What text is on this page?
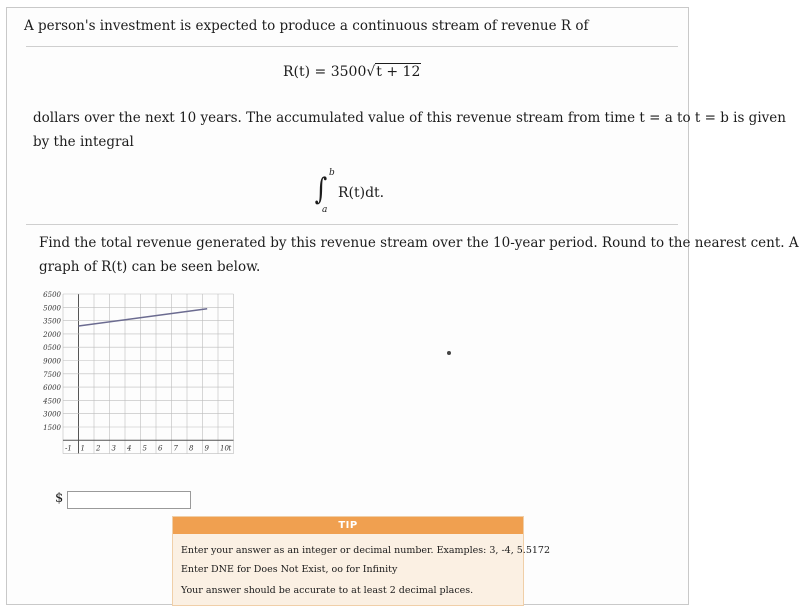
A person's investment is expected to produce a continuous stream of revenue R of
R(t) = 3500√t + 12
dollars over the next 10 years. The accumulated value of this revenue stream from time t = a to t = b is given
by the integral
∫ b
a
R(t)dt.
Find the total revenue generated by this revenue stream over the 10-year period. Round to the nearest cent. A
graph of R(t) can be seen below.
6500
5000
3500
2000
0500
9000
7500
6000
4500
3000
1500
-1 1 2 3 4 5 6 7 8 9 10 t
$
TIP
Enter your answer as an integer or decimal number. Examples: 3, -4, 5.5172
Enter DNE for Does Not Exist, oo for Infinity
Your answer should be accurate to at least 2 decimal places.
